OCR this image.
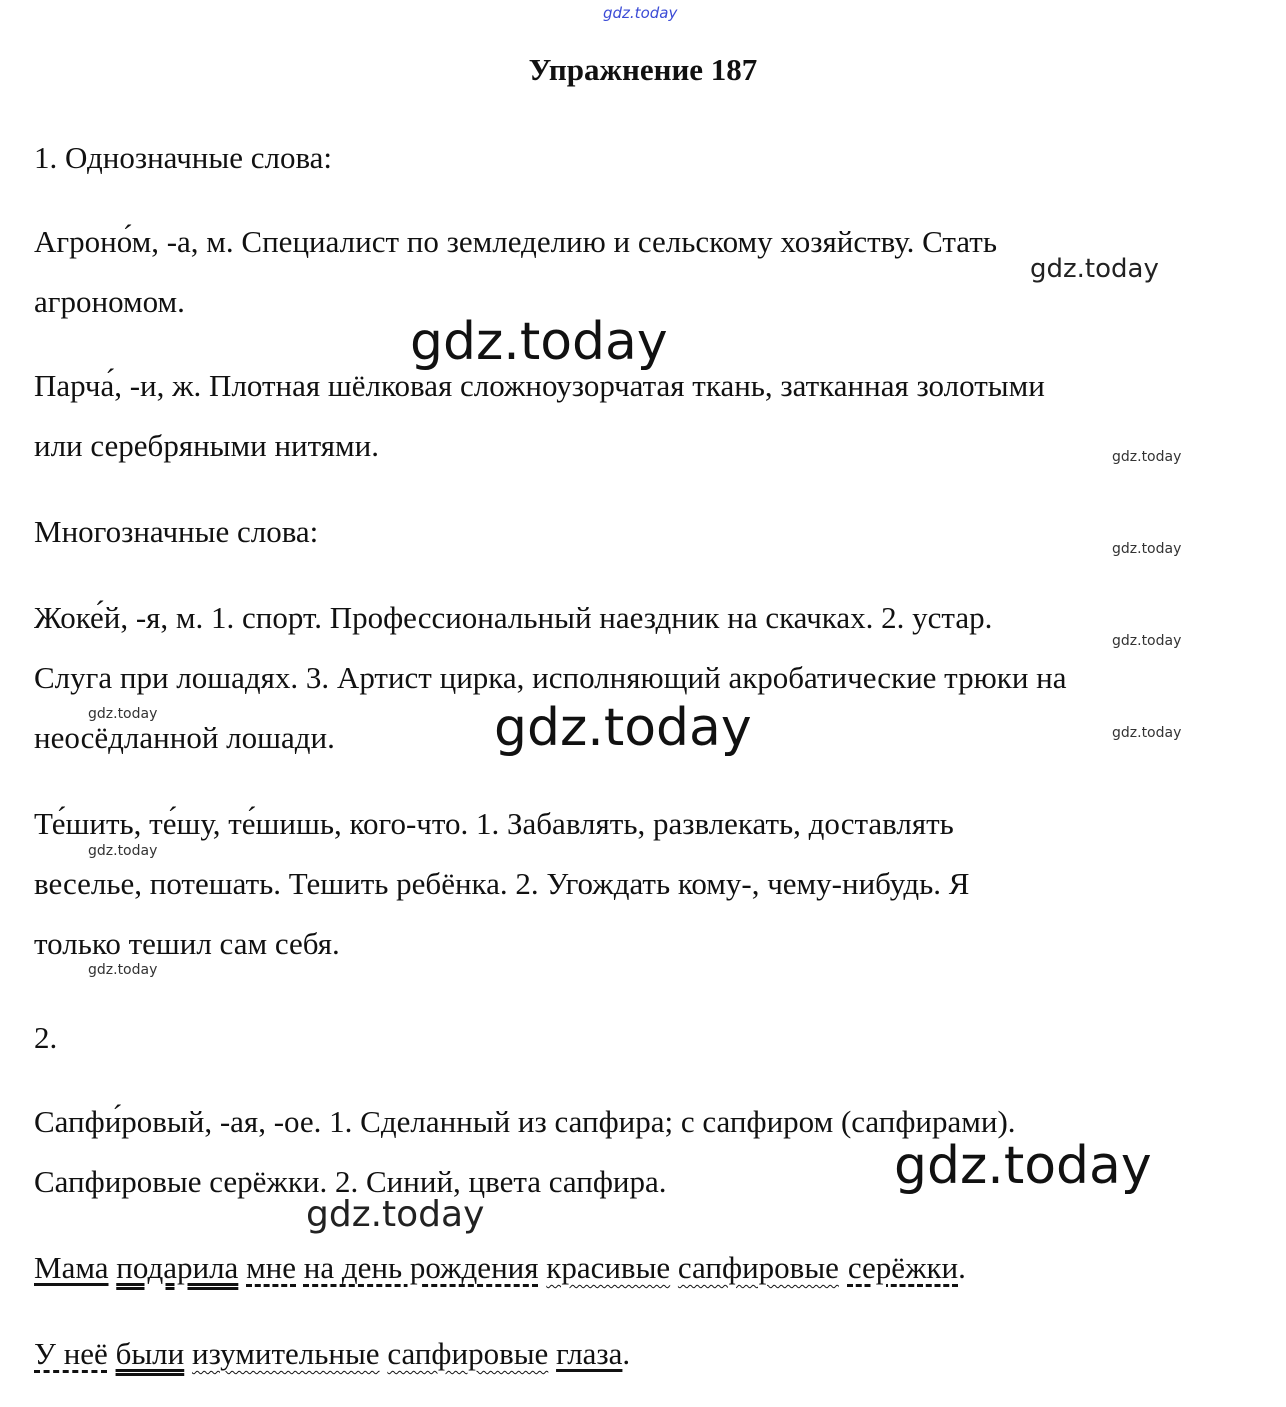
gdz.today
Упражнение 187
1. Однозначные слова:
Агроно́м, -а, м. Специалист по земледелию и сельскому хозяйству. Стать
агрономом.
Парча́, -и, ж. Плотная шёлковая сложноузорчатая ткань, затканная золотыми
или серебряными нитями.
Многозначные слова:
Жоке́й, -я, м. 1. спорт. Профессиональный наездник на скачках. 2. устар.
Слуга при лошадях. 3. Артист цирка, исполняющий акробатические трюки на
неосёдланной лошади.
Те́шить, те́шу, те́шишь, кого-что. 1. Забавлять, развлекать, доставлять
веселье, потешать. Тешить ребёнка. 2. Угождать кому-, чему-нибудь. Я
только тешил сам себя.
2.
Сапфи́ровый, -ая, -ое. 1. Сделанный из сапфира; с сапфиром (сапфирами).
Сапфировые серёжки. 2. Синий, цвета сапфира.
Мама подарила мне на день рождения красивые сапфировые серёжки.
У неё были изумительные сапфировые глаза.
gdz.today
gdz.today
gdz.today
gdz.today
gdz.today
gdz.today	gdz.today	gdz.today
gdz.today
gdz.today
gdz.today
gdz.today
